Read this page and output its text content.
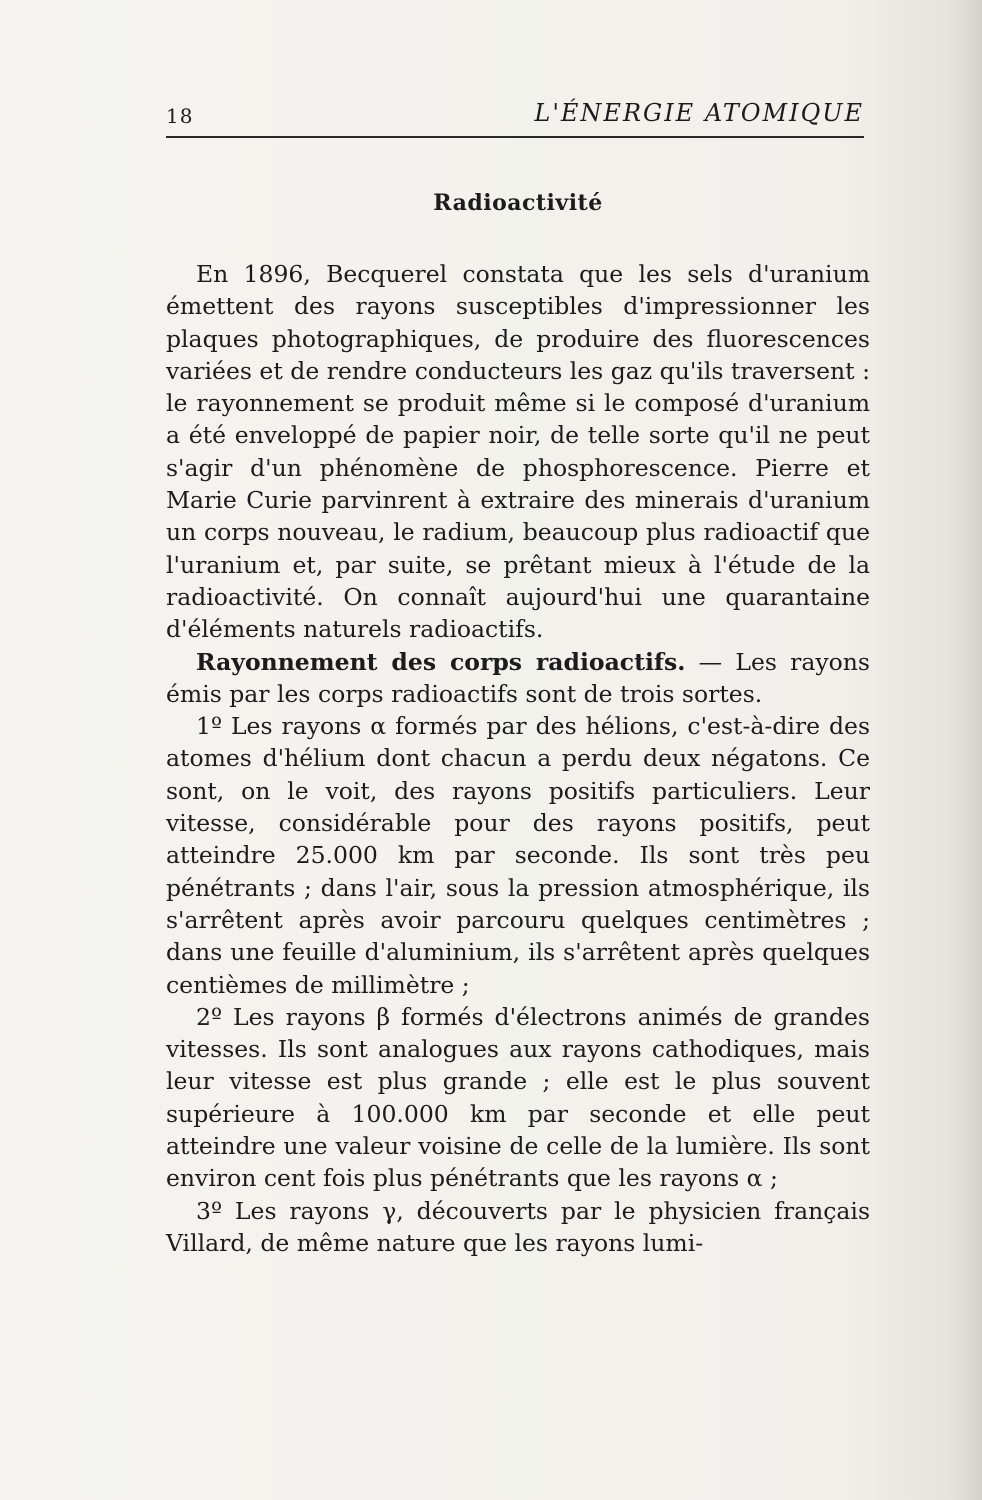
18	L'ÉNERGIE ATOMIQUE
Radioactivité

En 1896, Becquerel constata que les sels d'uranium émettent des rayons susceptibles d'impressionner les plaques photographiques, de produire des fluorescences variées et de rendre conducteurs les gaz qu'ils traversent : le rayonnement se produit même si le composé d'uranium a été enveloppé de papier noir, de telle sorte qu'il ne peut s'agir d'un phénomène de phosphorescence. Pierre et Marie Curie parvinrent à extraire des minerais d'uranium un corps nouveau, le radium, beaucoup plus radioactif que l'uranium et, par suite, se prêtant mieux à l'étude de la radioactivité. On connaît aujourd'hui une quarantaine d'éléments naturels radioactifs.

Rayonnement des corps radioactifs. — Les rayons émis par les corps radioactifs sont de trois sortes.

1º Les rayons α formés par des hélions, c'est-à-dire des atomes d'hélium dont chacun a perdu deux négatons. Ce sont, on le voit, des rayons positifs particuliers. Leur vitesse, considérable pour des rayons positifs, peut atteindre 25.000 km par seconde. Ils sont très peu pénétrants ; dans l'air, sous la pression atmosphérique, ils s'arrêtent après avoir parcouru quelques centimètres ; dans une feuille d'aluminium, ils s'arrêtent après quelques centièmes de millimètre ;

2º Les rayons β formés d'électrons animés de grandes vitesses. Ils sont analogues aux rayons cathodiques, mais leur vitesse est plus grande ; elle est le plus souvent supérieure à 100.000 km par seconde et elle peut atteindre une valeur voisine de celle de la lumière. Ils sont environ cent fois plus pénétrants que les rayons α ;

3º Les rayons γ, découverts par le physicien français Villard, de même nature que les rayons lumi-
